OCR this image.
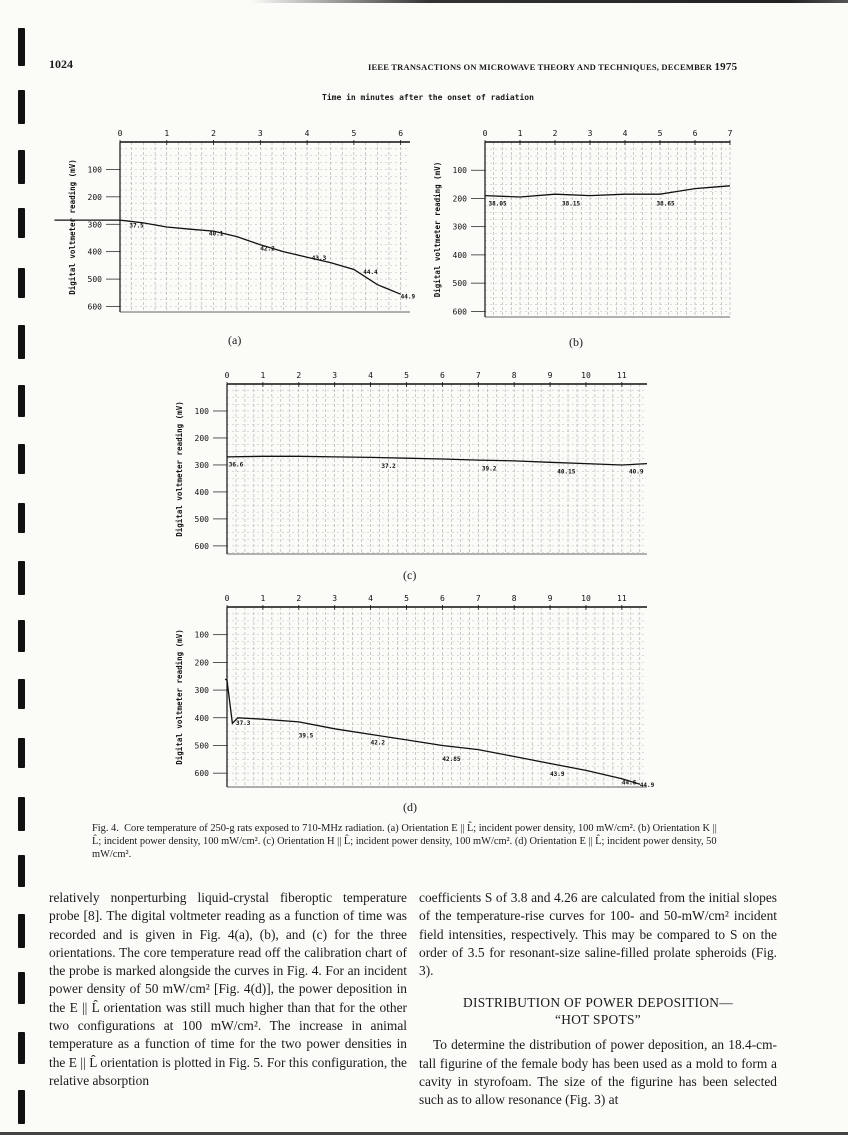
1024	IEEE TRANSACTIONS ON MICROWAVE THEORY AND TECHNIQUES, DECEMBER 1975
Time in minutes after the onset of radiation
0	1	2	3	4	5	6
100
200
300
400
500
600
Digital voltmeter reading (mV)	37.5
40.1
42.2
43.3
44.4
44.9
0	1	2	3	4	5	6	7
100
200
300
400
500
600
Digital voltmeter reading (mV)	38.05	38.15	38.65
0	1	2	3	4	5	6	7	8	9	10	11
100
200
300
400
500
600
Digital voltmeter reading (mV)	36.6	37.2	39.2	40.15	40.9
0	1	2	3	4	5	6	7	8	9	10	11
100
200
300
400
500
600
Digital voltmeter reading (mV)	37.3
39.5
42.2
42.85
43.9
44.6 44.9
(a)	(b)
(c)
(d)
Fig. 4. Core temperature of 250-g rats exposed to 710-MHz radiation. (a) Orientation E || L̂; incident power density, 100 mW/cm². (b) Orientation K || L̂; incident power density, 100 mW/cm². (c) Orientation H || L̂; incident power density, 100 mW/cm². (d) Orientation E || L̂; incident power density, 50 mW/cm².

relatively nonperturbing liquid-crystal fiberoptic temperature probe [8]. The digital voltmeter reading as a function of time was recorded and is given in Fig. 4(a), (b), and (c) for the three orientations. The core temperature read off the calibration chart of the probe is marked alongside the curves in Fig. 4. For an incident power density of 50 mW/cm² [Fig. 4(d)], the power deposition in the E || L̂ orientation was still much higher than that for the other two configurations at 100 mW/cm². The increase in animal temperature as a function of time for the two power densities in the E || L̂ orientation is plotted in Fig. 5. For this configuration, the relative absorption

coefficients S of 3.8 and 4.26 are calculated from the initial slopes of the temperature-rise curves for 100- and 50-mW/cm² incident field intensities, respectively. This may be compared to S on the order of 3.5 for resonant-size saline-filled prolate spheroids (Fig. 3).

DISTRIBUTION OF POWER DEPOSITION—
“HOT SPOTS”

To determine the distribution of power deposition, an 18.4-cm-tall figurine of the female body has been used as a mold to form a cavity in styrofoam. The size of the figurine has been selected such as to allow resonance (Fig. 3) at
